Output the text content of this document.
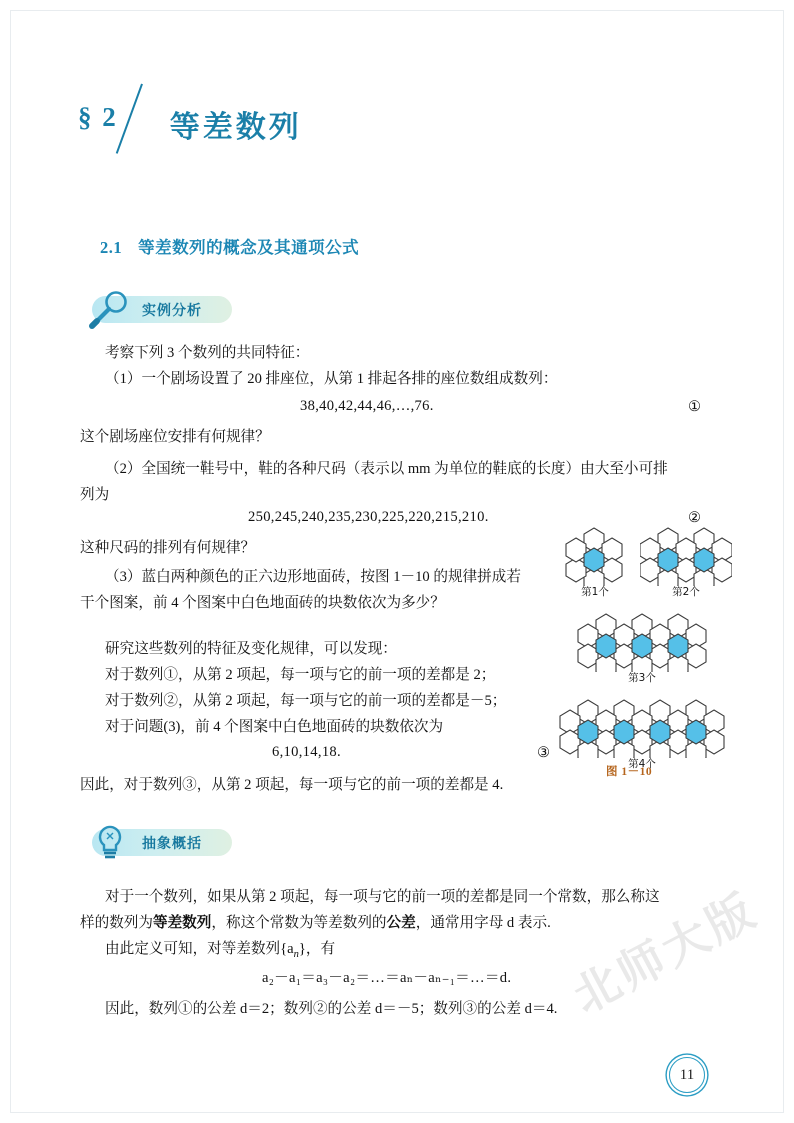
§ 2 等差数列
2.1 等差数列的概念及其通项公式
实例分析
考察下列 3 个数列的共同特征：
（1）一个剧场设置了 20 排座位，从第 1 排起各排的座位数组成数列：
38,40,42,44,46,…,76.	①
这个剧场座位安排有何规律？
（2）全国统一鞋号中，鞋的各种尺码（表示以 mm 为单位的鞋底的长度）由大至小可排
列为
250,245,240,235,230,225,220,215,210.	②
这种尺码的排列有何规律？
（3）蓝白两种颜色的正六边形地面砖，按图 1－10 的规律拼成若
干个图案，前 4 个图案中白色地面砖的块数依次为多少？
研究这些数列的特征及变化规律，可以发现：
对于数列①，从第 2 项起，每一项与它的前一项的差都是 2；
对于数列②，从第 2 项起，每一项与它的前一项的差都是－5；
对于问题(3)，前 4 个图案中白色地面砖的块数依次为
6,10,14,18.	③
因此，对于数列③，从第 2 项起，每一项与它的前一项的差都是 4.
第1个	第2个
第3个
第4个
图 1－10
抽象概括
对于一个数列，如果从第 2 项起，每一项与它的前一项的差都是同一个常数，那么称这
样的数列为等差数列，称这个常数为等差数列的公差，通常用字母 d 表示.
由此定义可知，对等差数列$\{a_n\}$，有
a₂－a₁＝a₃－a₂＝…＝aₙ－aₙ₋₁＝…＝d.
因此，数列①的公差 d＝2；数列②的公差 d＝－5；数列③的公差 d＝4. 北师大版
11
